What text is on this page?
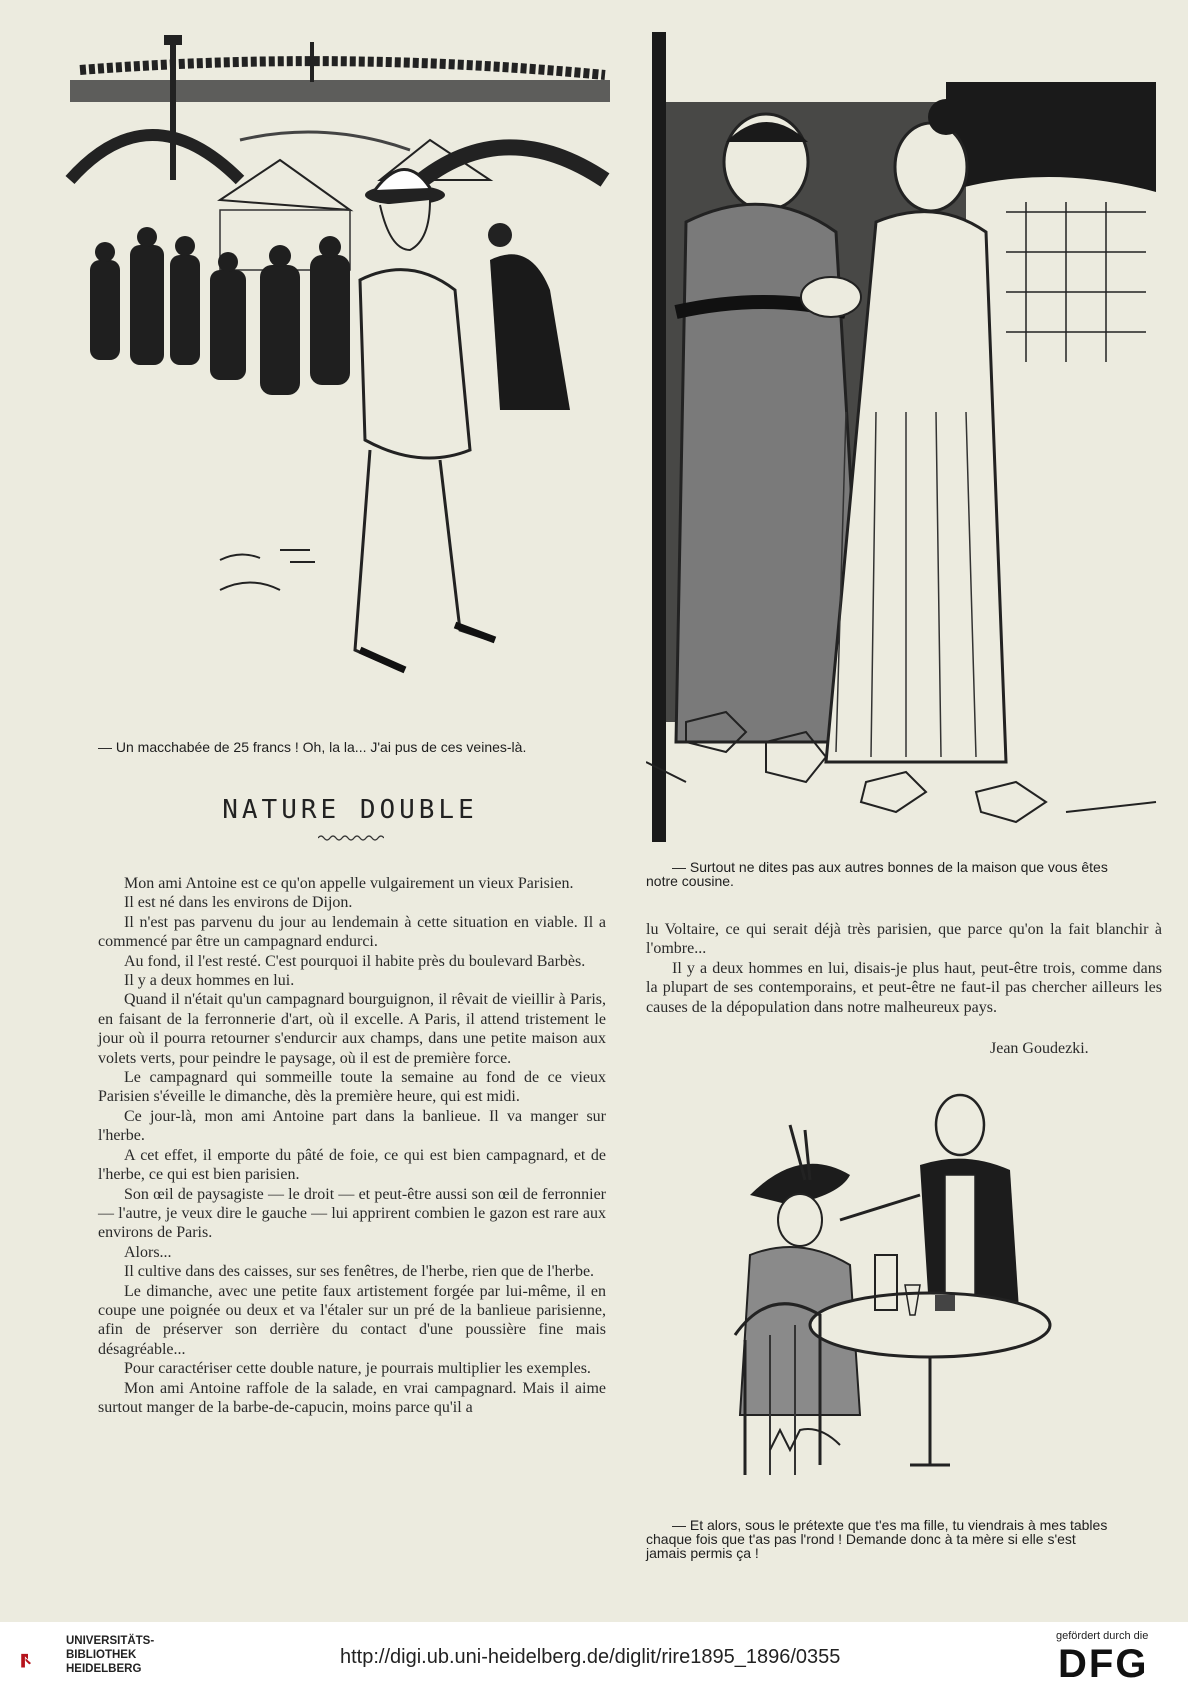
— Un macchabée de 25 francs ! Oh, la la... J'ai pus de ces veines-là.
— Surtout ne dites pas aux autres bonnes de la maison que vous êtes
notre cousine.
NATURE DOUBLE

Mon ami Antoine est ce qu'on appelle vulgairement un vieux Parisien.

Il est né dans les environs de Dijon.

Il n'est pas parvenu du jour au lendemain à cette situation en viable. Il a commencé par être un campagnard endurci.

Au fond, il l'est resté. C'est pourquoi il habite près du boulevard Barbès.

Il y a deux hommes en lui.

Quand il n'était qu'un campagnard bourguignon, il rêvait de vieillir à Paris, en faisant de la ferronnerie d'art, où il excelle. A Paris, il attend tristement le jour où il pourra retourner s'endurcir aux champs, dans une petite maison aux volets verts, pour peindre le paysage, où il est de première force.

Le campagnard qui sommeille toute la semaine au fond de ce vieux Parisien s'éveille le dimanche, dès la première heure, qui est midi.

Ce jour-là, mon ami Antoine part dans la banlieue. Il va manger sur l'herbe.

A cet effet, il emporte du pâté de foie, ce qui est bien campagnard, et de l'herbe, ce qui est bien parisien.

Son œil de paysagiste — le droit — et peut-être aussi son œil de ferronnier — l'autre, je veux dire le gauche — lui apprirent combien le gazon est rare aux environs de Paris.

Alors...

Il cultive dans des caisses, sur ses fenêtres, de l'herbe, rien que de l'herbe.

Le dimanche, avec une petite faux artistement forgée par lui-même, il en coupe une poignée ou deux et va l'étaler sur un pré de la banlieue parisienne, afin de préserver son derrière du contact d'une poussière fine mais désagréable...

Pour caractériser cette double nature, je pourrais multiplier les exemples.

Mon ami Antoine raffole de la salade, en vrai campagnard. Mais il aime surtout manger de la barbe-de-capucin, moins parce qu'il a

lu Voltaire, ce qui serait déjà très parisien, que parce qu'on la fait blanchir à l'ombre...

Il y a deux hommes en lui, disais-je plus haut, peut-être trois, comme dans la plupart de ses contemporains, et peut-être ne faut-il pas chercher ailleurs les causes de la dépopulation dans notre malheureux pays.

Jean Goudezki.
— Et alors, sous le prétexte que t'es ma fille, tu viendrais à mes tables
chaque fois que t'as pas l'rond ! Demande donc à ta mère si elle s'est
jamais permis ça !
UNIVERSITÄTS-
BIBLIOTHEK
HEIDELBERG
http://digi.ub.uni-heidelberg.de/diglit/rire1895_1896/0355
gefördert durch die
DFG
